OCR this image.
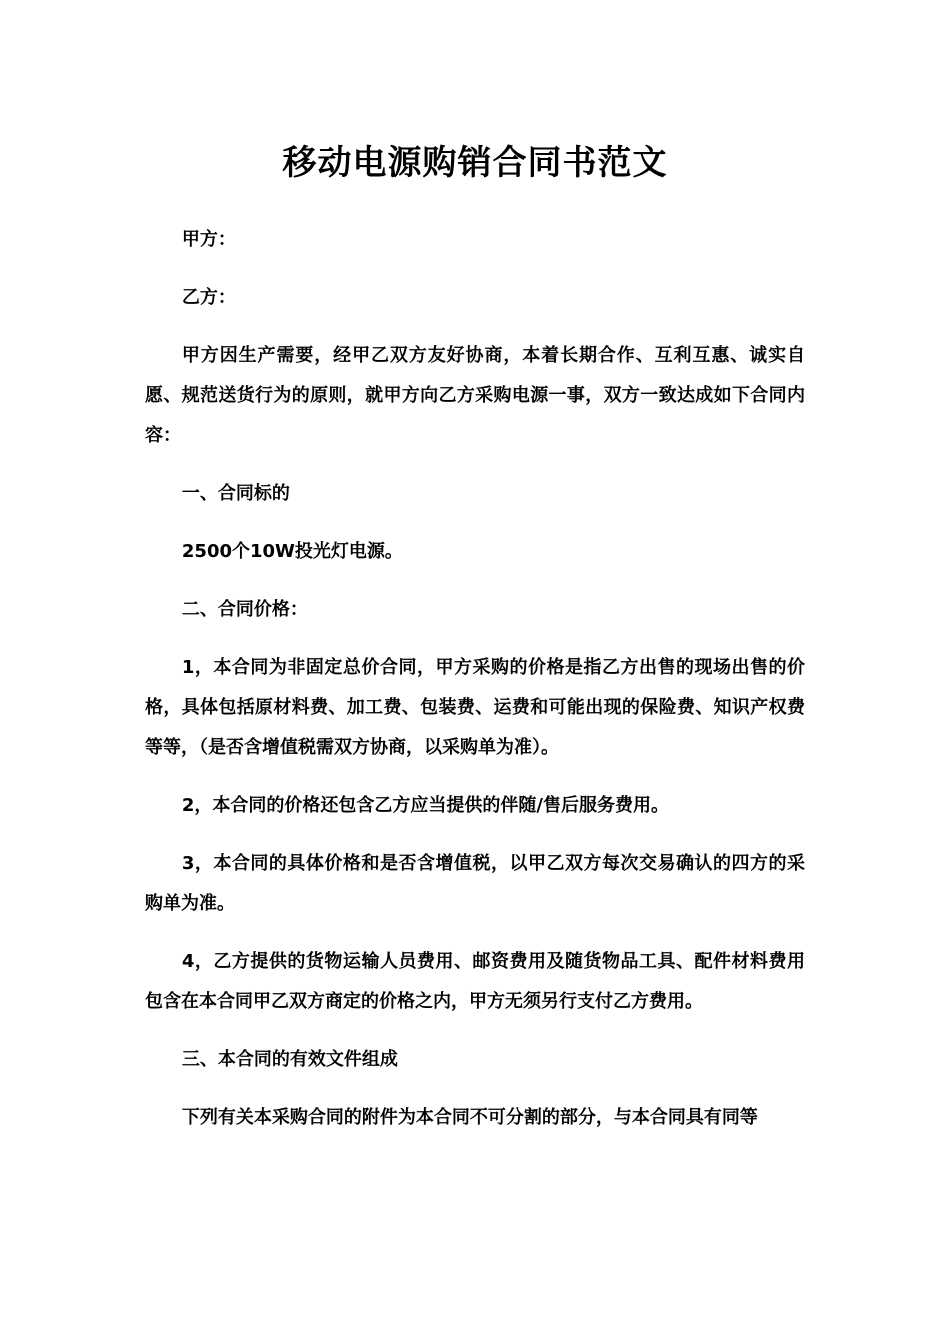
移动电源购销合同书范文

甲方：

乙方：

甲方因生产需要，经甲乙双方友好协商，本着长期合作、互利互惠、诚实自愿、规范送货行为的原则，就甲方向乙方采购电源一事，双方一致达成如下合同内容：

一、合同标的

2500个10W投光灯电源。

二、合同价格：

1，本合同为非固定总价合同，甲方采购的价格是指乙方出售的现场出售的价格，具体包括原材料费、加工费、包装费、运费和可能出现的保险费、知识产权费等等，（是否含增值税需双方协商，以采购单为准）。

2，本合同的价格还包含乙方应当提供的伴随/售后服务费用。

3，本合同的具体价格和是否含增值税，以甲乙双方每次交易确认的四方的采购单为准。

4，乙方提供的货物运输人员费用、邮资费用及随货物品工具、配件材料费用包含在本合同甲乙双方商定的价格之内，甲方无须另行支付乙方费用。

三、本合同的有效文件组成

下列有关本采购合同的附件为本合同不可分割的部分，与本合同具有同等
